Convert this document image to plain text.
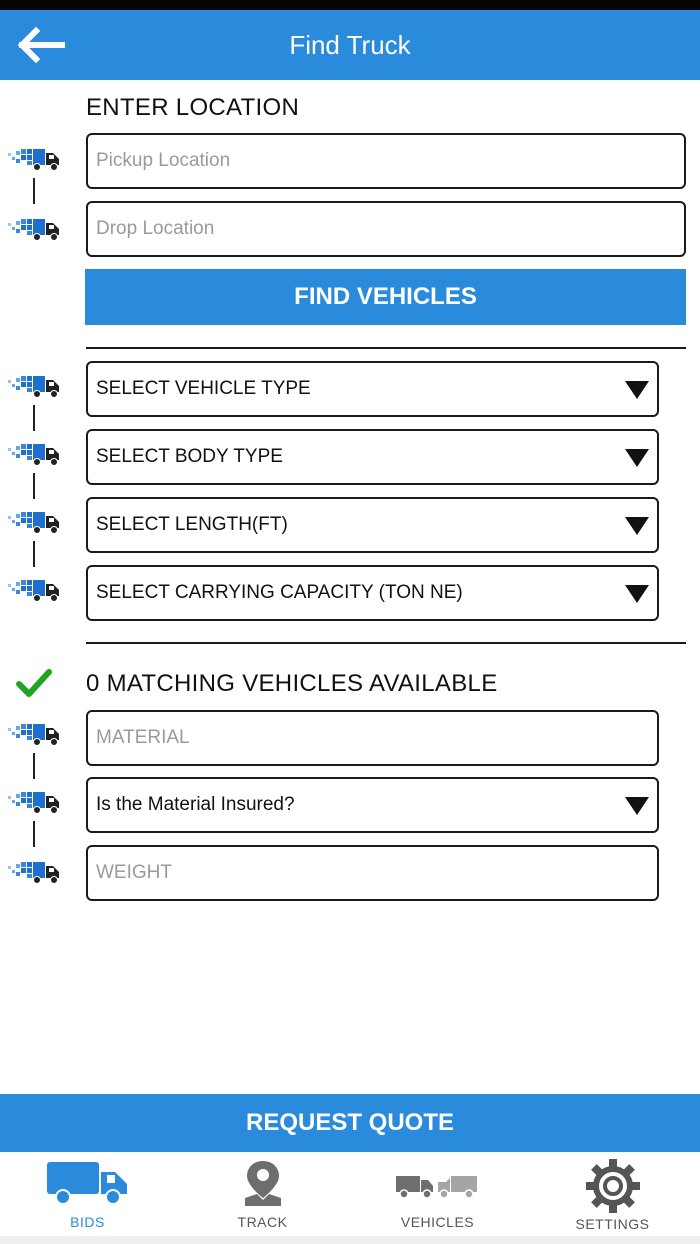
Find Truck
ENTER LOCATION
Pickup Location
Drop Location
FIND VEHICLES
SELECT VEHICLE TYPE
SELECT BODY TYPE
SELECT LENGTH(FT)
SELECT CARRYING CAPACITY (TON NE)
0 MATCHING VEHICLES AVAILABLE
MATERIAL
Is the Material Insured?
WEIGHT
REQUEST QUOTE
BIDS	TRACK	VEHICLES	SETTINGS
